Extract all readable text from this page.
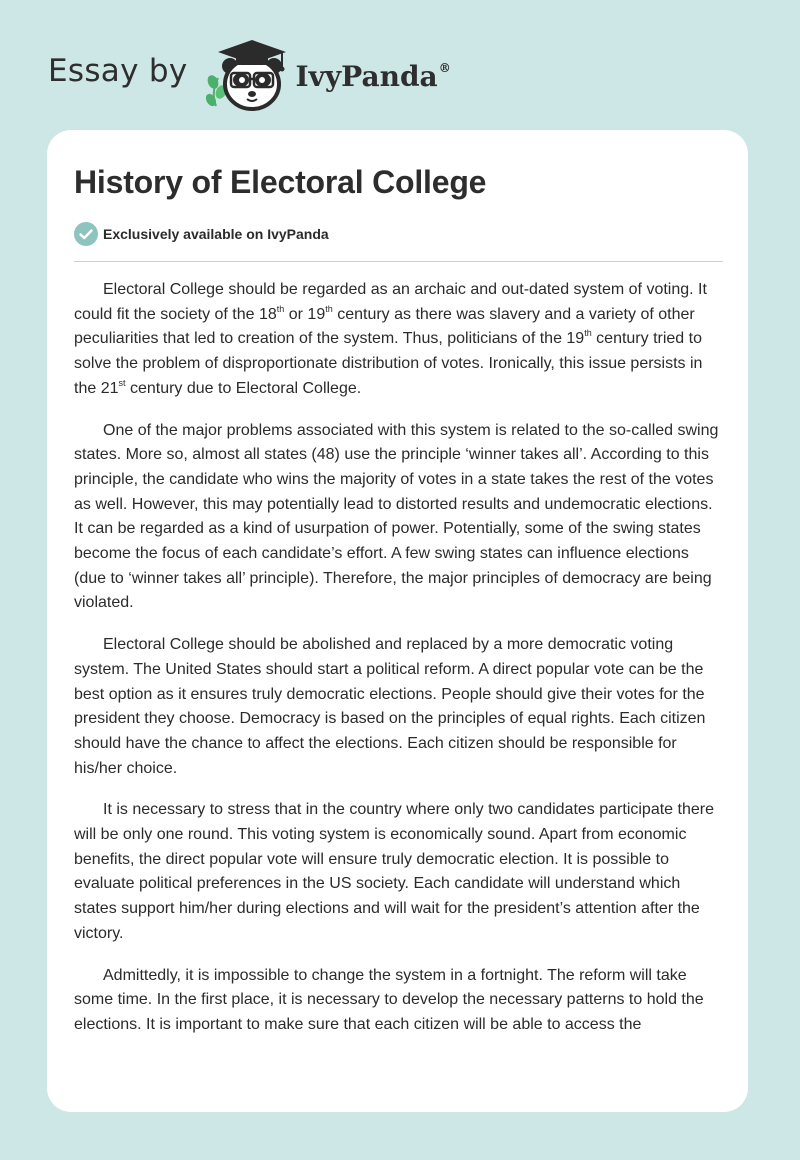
Essay by	IvyPanda®
History of Electoral College
Exclusively available on IvyPanda

Electoral College should be regarded as an archaic and out-dated system of voting. It could fit the society of the 18th or 19th century as there was slavery and a variety of other peculiarities that led to creation of the system. Thus, politicians of the 19th century tried to solve the problem of disproportionate distribution of votes. Ironically, this issue persists in the 21st century due to Electoral College.

One of the major problems associated with this system is related to the so-called swing states. More so, almost all states (48) use the principle ‘winner takes all’. According to this principle, the candidate who wins the majority of votes in a state takes the rest of the votes as well. However, this may potentially lead to distorted results and undemocratic elections. It can be regarded as a kind of usurpation of power. Potentially, some of the swing states become the focus of each candidate’s effort. A few swing states can influence elections (due to ‘winner takes all’ principle). Therefore, the major principles of democracy are being violated.

Electoral College should be abolished and replaced by a more democratic voting system. The United States should start a political reform. A direct popular vote can be the best option as it ensures truly democratic elections. People should give their votes for the president they choose. Democracy is based on the principles of equal rights. Each citizen should have the chance to affect the elections. Each citizen should be responsible for his/her choice.

It is necessary to stress that in the country where only two candidates participate there will be only one round. This voting system is economically sound. Apart from economic benefits, the direct popular vote will ensure truly democratic election. It is possible to evaluate political preferences in the US society. Each candidate will understand which states support him/her during elections and will wait for the president’s attention after the victory.

Admittedly, it is impossible to change the system in a fortnight. The reform will take some time. In the first place, it is necessary to develop the necessary patterns to hold the elections. It is important to make sure that each citizen will be able to access the
